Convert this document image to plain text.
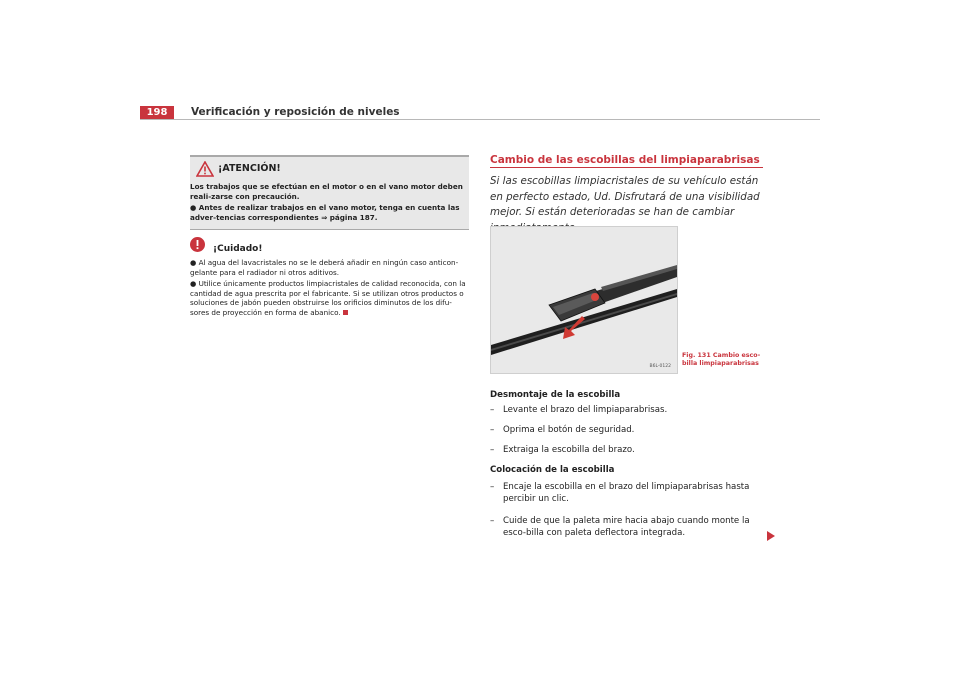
198	Verificación y reposición de niveles
¡ATENCIÓN!

Los trabajos que se efectúan en el motor o en el vano motor deben reali-zarse con precaución.

● Antes de realizar trabajos en el vano motor, tenga en cuenta las adver-tencias correspondientes ⇒ página 187.

¡Cuidado!

● Al agua del lavacristales no se le deberá añadir en ningún caso anticon-gelante para el radiador ni otros aditivos.

● Utilice únicamente productos limpiacristales de calidad reconocida, con la cantidad de agua prescrita por el fabricante. Si se utilizan otros productos o soluciones de jabón pueden obstruirse los orificios diminutos de los difu-sores de proyección en forma de abanico.

Cambio de las escobillas del limpiaparabrisas
Si las escobillas limpiacristales de su vehículo están en perfecto estado, Ud. Disfrutará de una visibilidad mejor. Si están deterioradas se han de cambiar
B6L-0122
Fig. 131 Cambio esco-billa limpiaparabrisas
Desmontaje de la escobilla
–	Levante el brazo del limpiaparabrisas.
–	Oprima el botón de seguridad.
–	Extraiga la escobilla del brazo.
Colocación de la escobilla
–	Encaje la escobilla en el brazo del limpiaparabrisas hasta percibir un clic.
–	Cuide de que la paleta mire hacia abajo cuando monte la esco-billa con paleta deflectora integrada.
